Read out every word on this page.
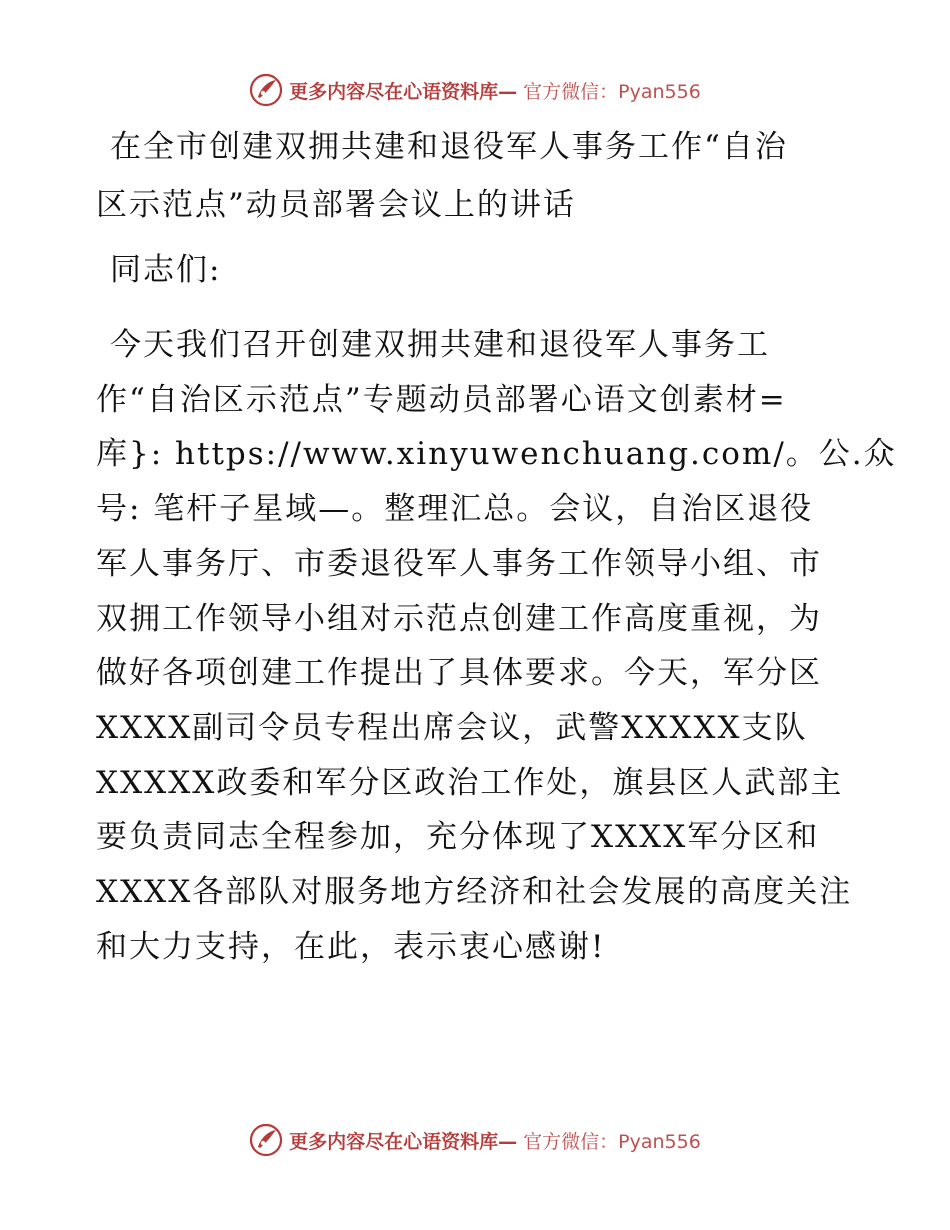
更多内容尽在心语资料库— 官方微信：Pyan556
在全市创建双拥共建和退役军人事务工作“自治
区示范点”动员部署会议上的讲话
同志们:
今天我们召开创建双拥共建和退役军人事务工
作“自治区示范点”专题动员部署心语文创素材=
库}: https://www.xinyuwenchuang.com/。公.众
号: 笔杆子星域—。整理汇总。会议，自治区退役
军人事务厅、市委退役军人事务工作领导小组、市
双拥工作领导小组对示范点创建工作高度重视，为
做好各项创建工作提出了具体要求。今天，军分区
XXXX副司令员专程出席会议，武警XXXXX支队
XXXXX政委和军分区政治工作处，旗县区人武部主
要负责同志全程参加，充分体现了XXXX军分区和
XXXX各部队对服务地方经济和社会发展的高度关注
和大力支持，在此，表示衷心感谢!
更多内容尽在心语资料库— 官方微信：Pyan556
